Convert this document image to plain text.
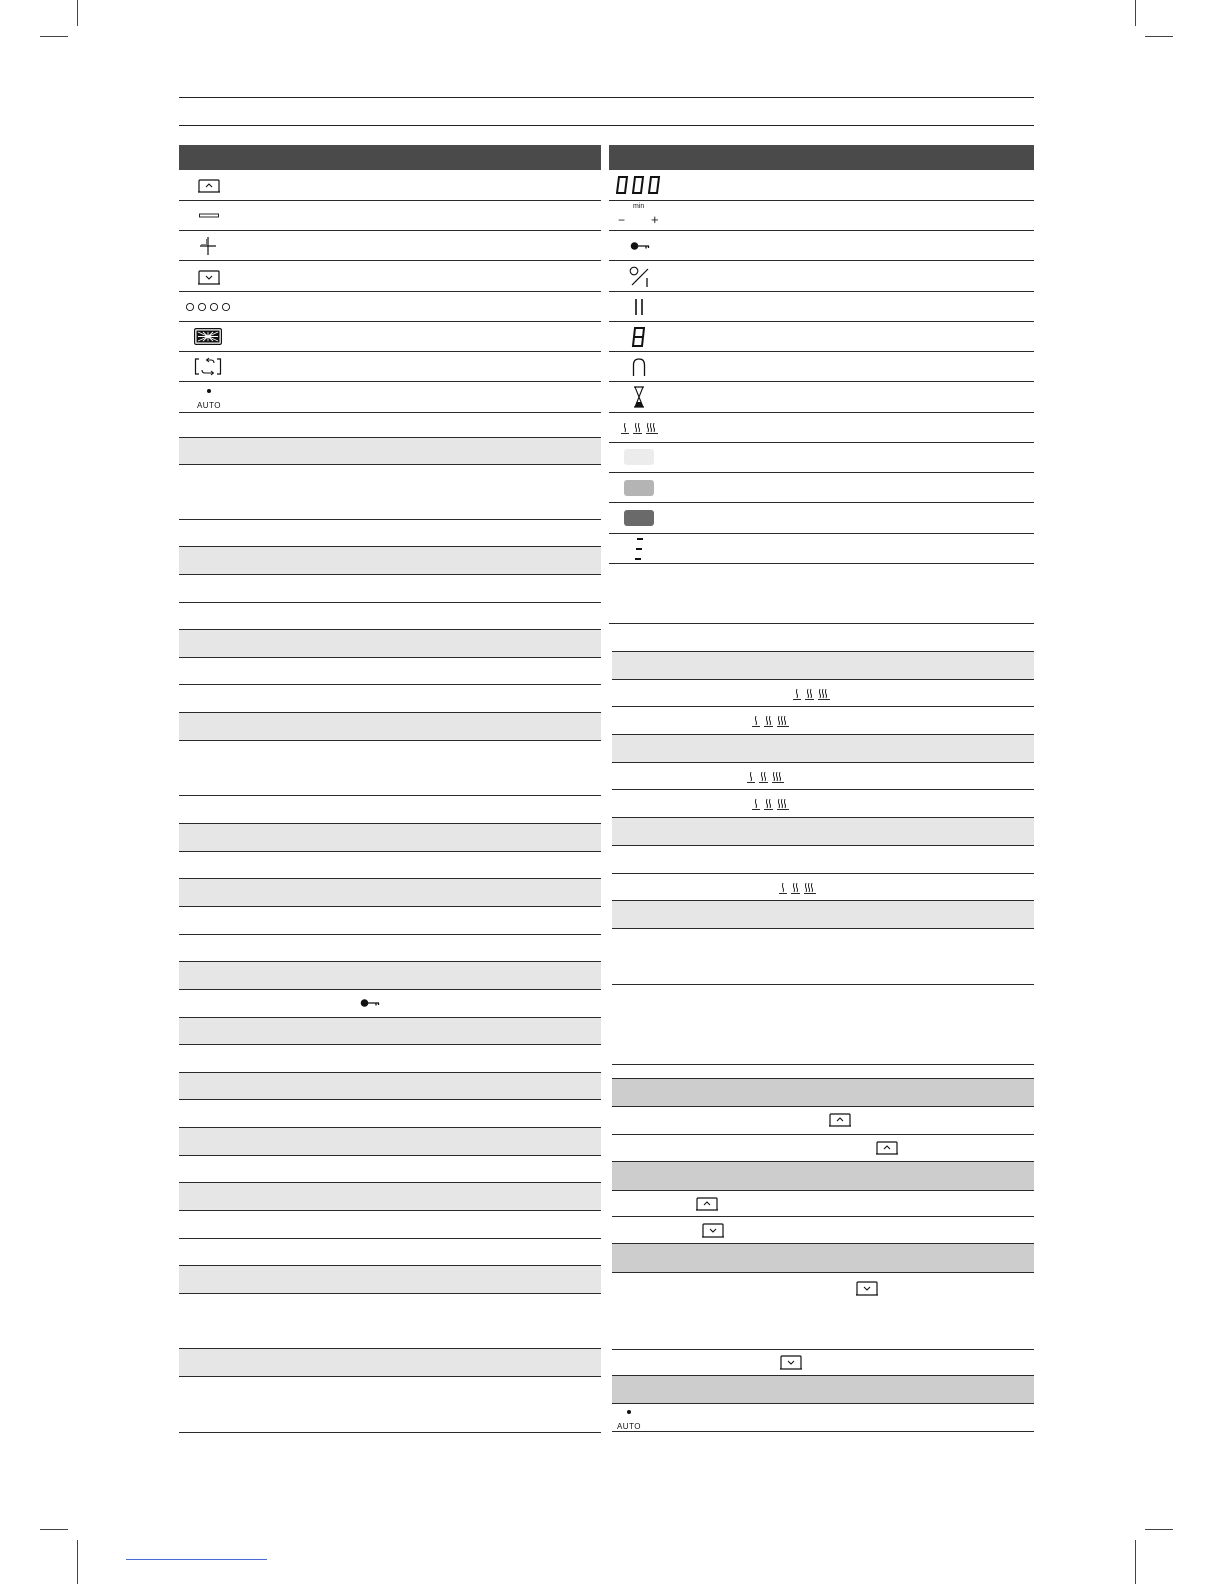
AUTO
min
− +
AUTO
